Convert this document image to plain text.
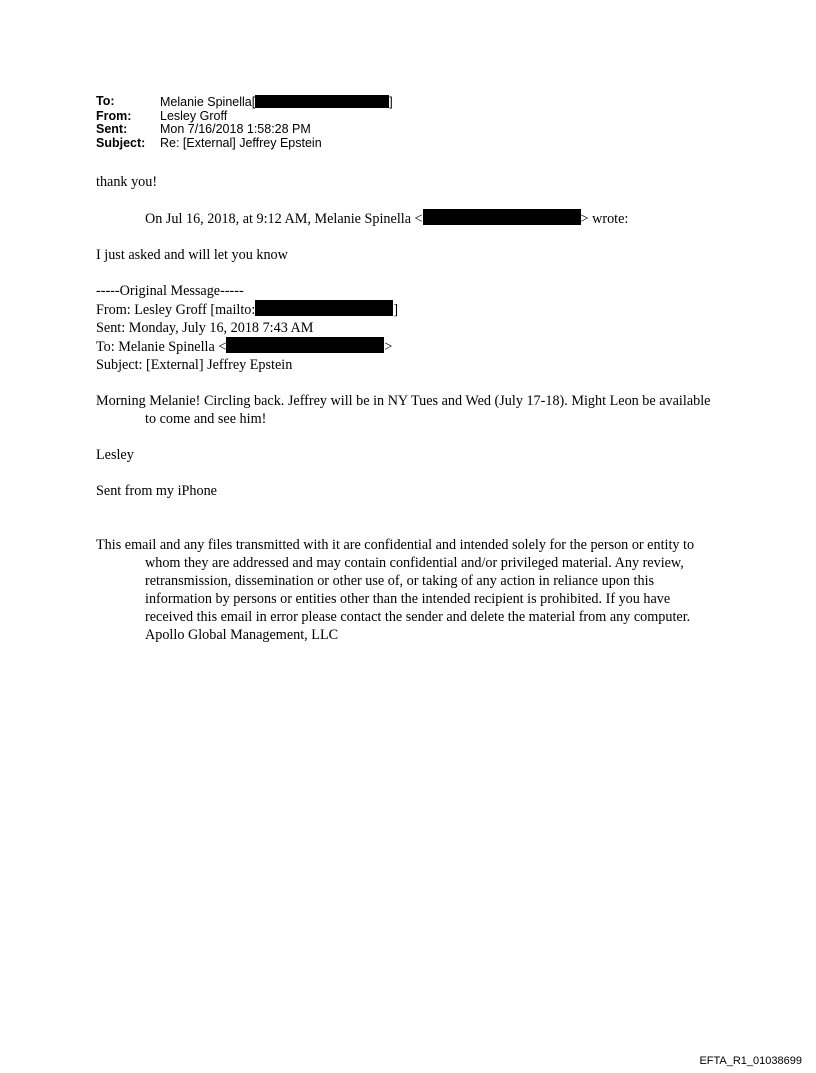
To:	Melanie Spinella[	]
From:	Lesley Groff
Sent:	Mon 7/16/2018 1:58:28 PM
Subject:	Re: [External] Jeffrey Epstein

thank you!

On Jul 16, 2018, at 9:12 AM, Melanie Spinella <	> wrote:

I just asked and will let you know

-----Original Message-----

From: Lesley Groff [mailto:	]

Sent: Monday, July 16, 2018 7:43 AM

To: Melanie Spinella <	>

Subject: [External] Jeffrey Epstein

Morning Melanie! Circling back. Jeffrey will be in NY Tues and Wed (July 17-18). Might Leon be available to come and see him!

Lesley

Sent from my iPhone

This email and any files transmitted with it are confidential and intended solely for the person or entity to whom they are addressed and may contain confidential and/or privileged material. Any review, retransmission, dissemination or other use of, or taking of any action in reliance upon this information by persons or entities other than the intended recipient is prohibited. If you have received this email in error please contact the sender and delete the material from any computer. Apollo Global Management, LLC

EFTA_R1_01038699
